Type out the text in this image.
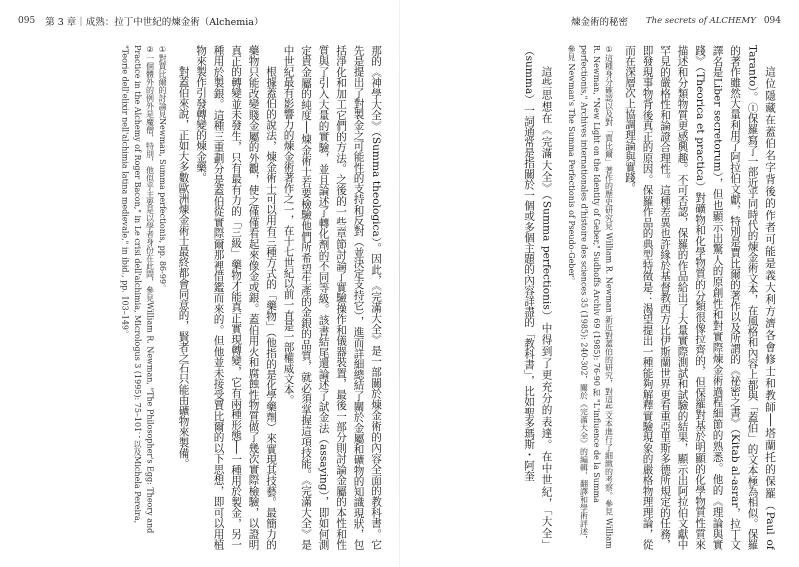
095 第 3 章｜成熟：拉丁中世紀的煉金術（Alchemia）	煉金術的秘密 The secrets of ALCHEMY 094

那的《神學大全》（Summa theologica）。因此，《完滿大全》是一部關於煉金術的內容全面的教科書。它先是提出了對製金之可能性的支持和反對（並決定支持它），進而詳細總結了關於金屬和礦物的知識現狀，包括淨化和加工它們的方法。之後的一些章節討論了實驗操作和儀器裝置，最後一部分則討論金屬的本性和性質與了引入大量的實驗，並且論述了轉化劑的不同等級。該書結尾還論述了試金法（assaying），即如何測定貴金屬的純度──煉金術士若要檢驗他們所希望生產的金銀的品質，就必須掌握這項技能。《完滿大全》是中世紀最有影響力的煉金術著作之一，在十七世紀以前一直是一部權威文本。

根據蓋伯的說法，煉金術士可以用有三種方式的「藥物」（他指的是化學藥劑）來實現其技藝。最簡力的藥物只能改變賤金屬的外觀，使之僅僅看起來像金或銀。蓋伯用火和腐蝕性物質做了幾次實際檢驗，以證明真正的轉變並未發生，只有最有力的「三級」藥物才能真正實現轉變，它有兩種形態──一種用於製金，另一種用於製銀。這種三重劃分是蓋伯從實際爾那裡借鑑而來的。但他並未接受賈比爾的以下思想，即可以用植物來製作引發轉變的煉金藥。

對蓋伯來說，正如大多數歐洲煉金術士最終都會同意的，賢者之石只能由礦物來製備。

①對賈比爾的討論見Newman, Summa perfectionis, pp. 86-99。

②一個體外的例外是魔僧，特別，他似乎主要是以學者身份在此間，參見William R. Newman, "The Philosopher's Egg: Theory and Practice in the Alchemy of Roger Bacon," in Le crisi dell'alchimia, Micrologus 3 (1995): 75–101；以及Michela Pereira, "Teorie dell'elixir nell'alchimia latina medievale," in ibid., pp. 103–149。	這位隱藏在蓋伯名字背後的作者可能是義大利方濟各會修士和教師──塔蘭托的保羅（Paul of Taranto）。①保羅寫了一部近乎同時代的煉金術文本，在風格和內容上都與「蓋伯」的文本極為相似。保羅的著作雖然大量利用了阿拉伯文獻，特別是賈比爾的著作以及所謂的《祕密之書》（Kitab al-asrar，拉丁文譯名是Liber secretorum），但也顯示出驚人的原創性和對實際煉金術過程細節的熟悉。他的《理論與實踐》（Theorica et practica）對礦物和化學物質的分類很像拉齊的，但保羅對基於明顯的化學物質性質來描述和分類物質更感興趣。不可否認，保羅的作品給出了大量實際測試和試驗的結果，顯示出阿拉伯文獻中罕見的嚴格性和論證合理性。這種差異也許緣於基督教西方比伊斯蘭世界更看重亞里斯多德所規定的任務，即發現事物背後真正的原因。保羅作品的典型特徵是：渴望提出一種能夠解釋實驗現象的嚴格物理理論，從而在深層次上協調理論與實踐。

①這種身分確認以及對「賈比爾」著作的歷史研究見 William R. Newman 新近對蓋伯的研究，對這些文本進行了細緻的考察。參見 William R. Newman, "New Light on the Identity of Geber," Sudhoffs Archiv 69 (1985): 76-90 和 "L'influence de la Summa perfectionis," Archives internationales d'histoire des sciences 35 (1985): 240-302，關於《完滿大全》的編輯、翻譯和學術評述，參見 Newman's The Summa Perfectionis of Pseudo-Geber。

這些思想在《完滿大全》（Summa perfectionis）中得到了更充分的表達。在中世紀，「大全」（summa）一詞通常是指關於一個或多個主題的內容詳盡的「教科書」，比如聖多瑪斯・阿奎
